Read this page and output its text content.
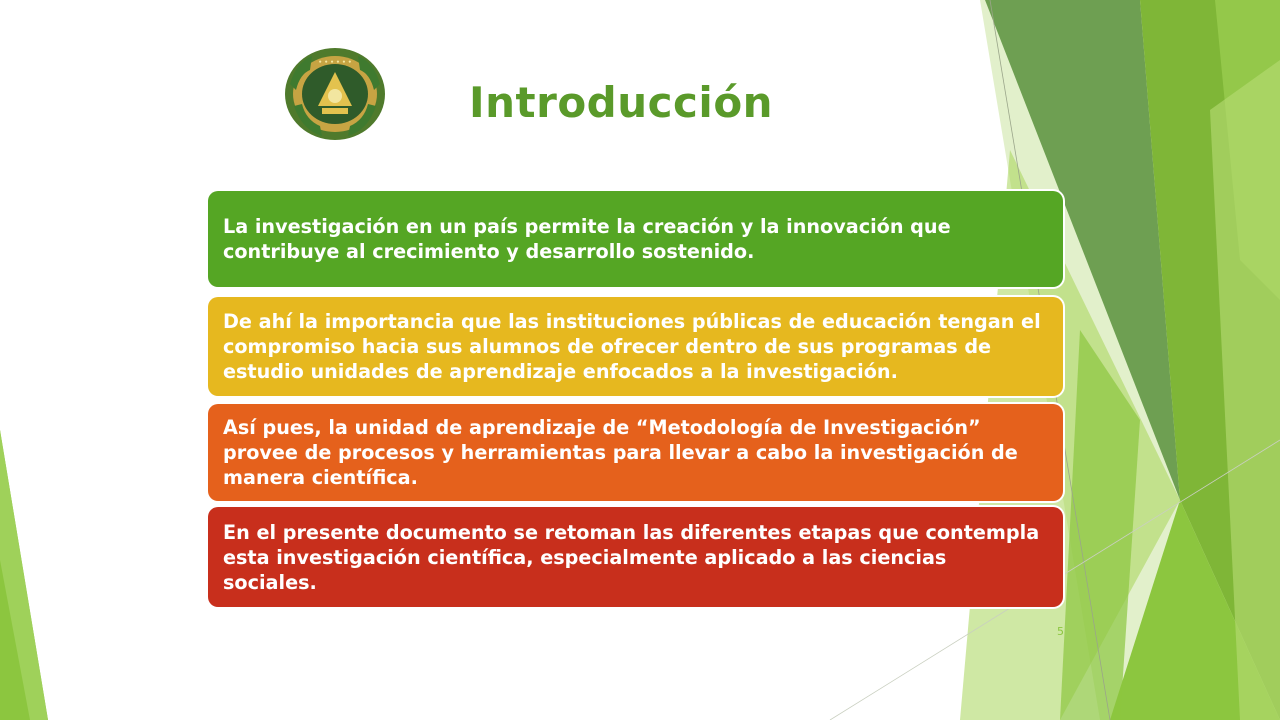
• • • • • •
Introducción
La investigación en un país permite la creación y la innovación que contribuye al crecimiento y desarrollo sostenido.
De ahí la importancia que las instituciones públicas de educación tengan el compromiso hacia sus alumnos de ofrecer dentro de sus programas de estudio unidades de aprendizaje enfocados a la investigación.
Así pues, la unidad de aprendizaje de “Metodología de Investigación” provee de procesos y herramientas para llevar a cabo la investigación de manera científica.
En el presente documento se retoman las diferentes etapas que contempla esta investigación científica, especialmente aplicado a las ciencias sociales.
5
